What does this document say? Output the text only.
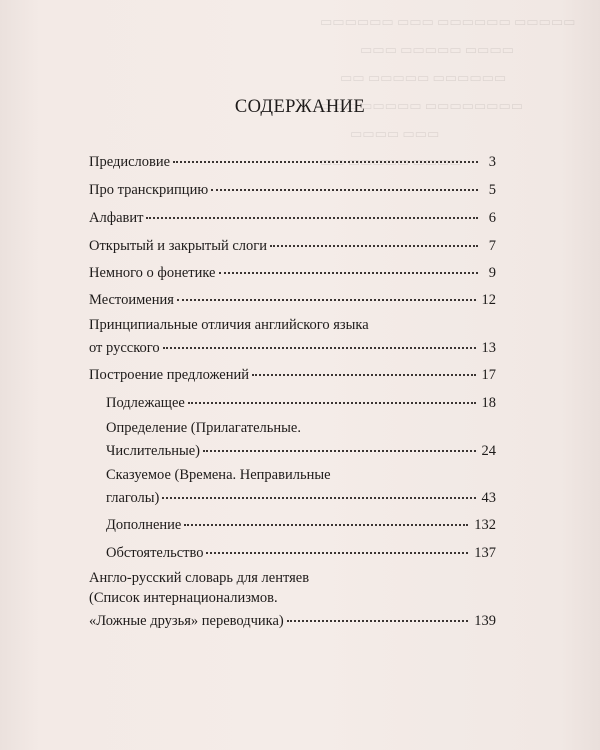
▭▭▭▭▭▭ ▭▭▭ ▭▭▭▭▭▭ ▭▭▭▭▭
▭▭▭ ▭▭▭▭▭ ▭▭▭▭
▭▭ ▭▭▭▭▭ ▭▭▭▭▭▭
▭▭▭ ▭▭▭▭▭ ▭▭▭▭▭▭▭▭
▭▭▭▭ ▭▭▭
▭▭ ▭▭▭▭▭ ▭▭▭▭
СОДЕРЖАНИЕ
Предисловие	3
Про транскрипцию	5
Алфавит	6
Открытый и закрытый слоги	7
Немного о фонетике	9
Местоимения	12
Принципиальные отличия английского языка
от русского	13
Построение предложений	17
Подлежащее	18
Определение (Прилагательные.
Числительные)	24
Сказуемое (Времена. Неправильные
глаголы)	43
Дополнение	132
Обстоятельство	137
Англо-русский словарь для лентяев
(Список интернационализмов.
«Ложные друзья» переводчика)	139
